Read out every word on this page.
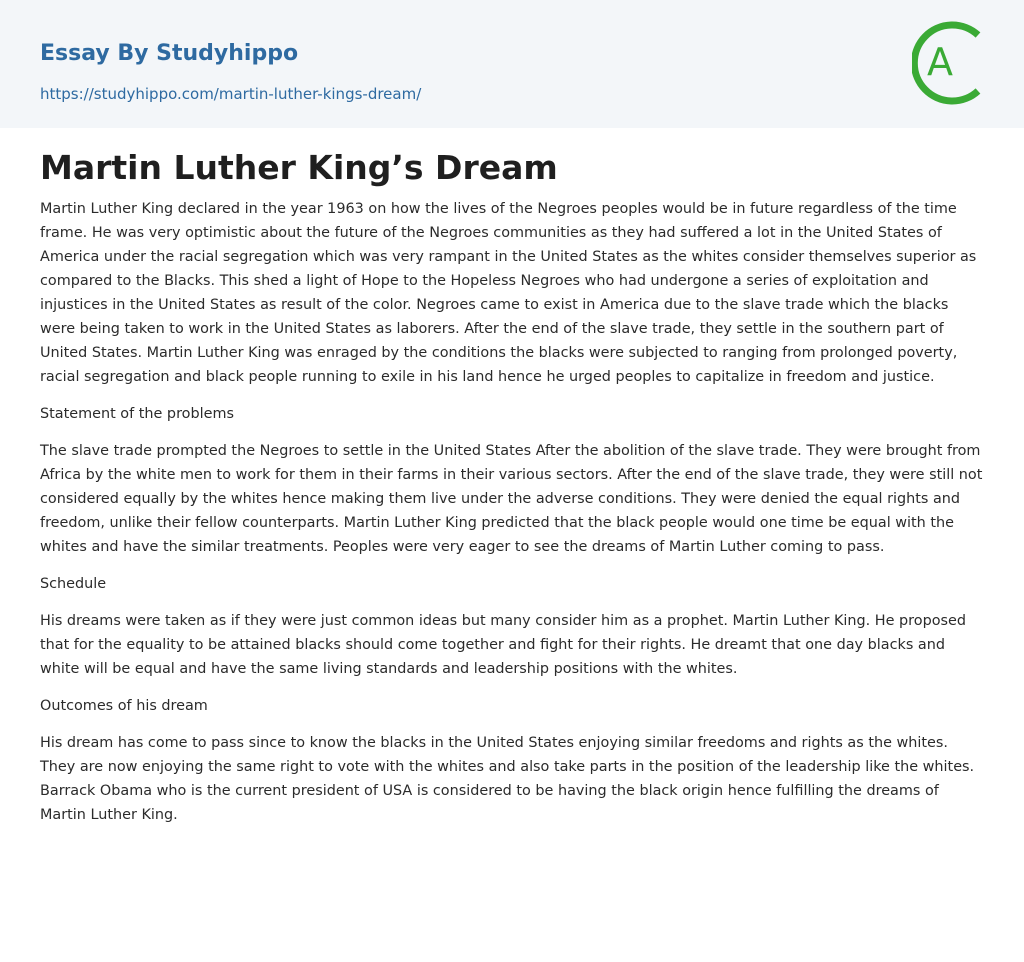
Essay By Studyhippo
https://studyhippo.com/martin-luther-kings-dream/
A
Martin Luther King’s Dream

Martin Luther King declared in the year 1963 on how the lives of the Negroes peoples would be in future regardless of the time frame. He was very optimistic about the future of the Negroes communities as they had suffered a lot in the United States of America under the racial segregation which was very rampant in the United States as the whites consider themselves superior as compared to the Blacks. This shed a light of Hope to the Hopeless Negroes who had undergone a series of exploitation and injustices in the United States as result of the color. Negroes came to exist in America due to the slave trade which the blacks were being taken to work in the United States as laborers. After the end of the slave trade, they settle in the southern part of United States. Martin Luther King was enraged by the conditions the blacks were subjected to ranging from prolonged poverty, racial segregation and black people running to exile in his land hence he urged peoples to capitalize in freedom and justice.

Statement of the problems

The slave trade prompted the Negroes to settle in the United States After the abolition of the slave trade. They were brought from Africa by the white men to work for them in their farms in their various sectors. After the end of the slave trade, they were still not considered equally by the whites hence making them live under the adverse conditions. They were denied the equal rights and freedom, unlike their fellow counterparts. Martin Luther King predicted that the black people would one time be equal with the whites and have the similar treatments. Peoples were very eager to see the dreams of Martin Luther coming to pass.

Schedule

His dreams were taken as if they were just common ideas but many consider him as a prophet. Martin Luther King. He proposed that for the equality to be attained blacks should come together and fight for their rights. He dreamt that one day blacks and white will be equal and have the same living standards and leadership positions with the whites.

Outcomes of his dream

His dream has come to pass since to know the blacks in the United States enjoying similar freedoms and rights as the whites. They are now enjoying the same right to vote with the whites and also take parts in the position of the leadership like the whites. Barrack Obama who is the current president of USA is considered to be having the black origin hence fulfilling the dreams of Martin Luther King.
